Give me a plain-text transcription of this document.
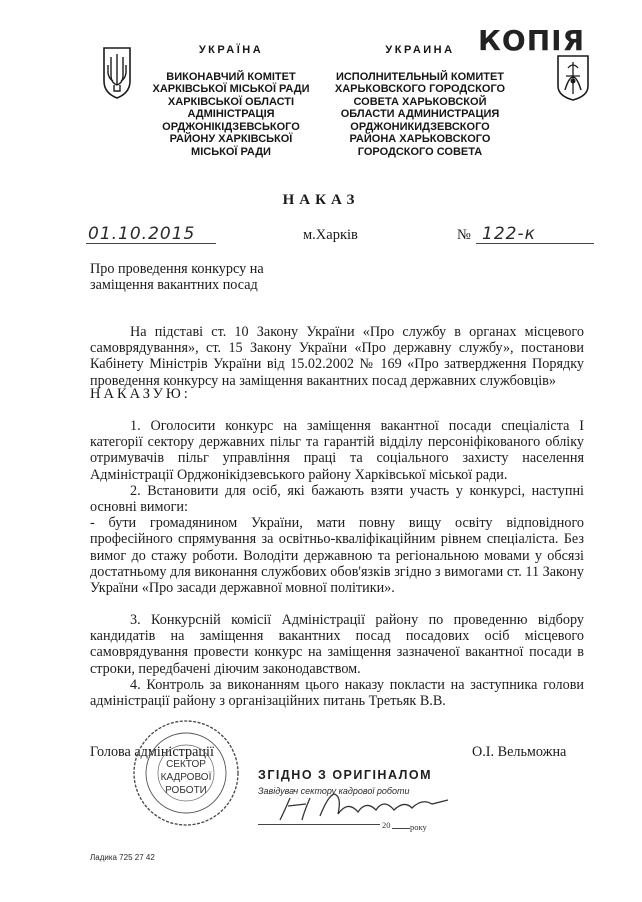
УКРАЇНА
ВИКОНАВЧИЙ КОМІТЕТ
ХАРКІВСЬКОЇ МІСЬКОЇ РАДИ
ХАРКІВСЬКОЇ ОБЛАСТІ
АДМІНІСТРАЦІЯ
ОРДЖОНІКІДЗЕВСЬКОГО
РАЙОНУ ХАРКІВСЬКОЇ
МІСЬКОЇ РАДИ
УКРАИНА
ИСПОЛНИТЕЛЬНЫЙ КОМИТЕТ
ХАРЬКОВСКОГО ГОРОДСКОГО
СОВЕТА ХАРЬКОВСКОЙ
ОБЛАСТИ АДМИНИСТРАЦИЯ
ОРДЖОНИКИДЗЕВСКОГО
РАЙОНА ХАРЬКОВСКОГО
ГОРОДСКОГО СОВЕТА
КОПІЯ
НАКАЗ
01.10.2015	м.Харків	№ 122-к
Про проведення конкурсу на
заміщення вакантних посад

На підставі ст. 10 Закону України «Про службу в органах місцевого самоврядування», ст. 15 Закону України «Про державну службу», постанови Кабінету Міністрів України від 15.02.2002 № 169 «Про затвердження Порядку проведення конкурсу на заміщення вакантних посад державних службовців»

НАКАЗУЮ:

1. Оголосити конкурс на заміщення вакантної посади спеціаліста І категорії сектору державних пільг та гарантій відділу персоніфікованого обліку отримувачів пільг управління праці та соціального захисту населення Адміністрації Орджонікідзевського району Харківської міської ради.

2. Встановити для осіб, які бажають взяти участь у конкурсі, наступні основні вимоги:

- бути громадянином України, мати повну вищу освіту відповідного професійного спрямування за освітньо-кваліфікаційним рівнем спеціаліста. Без вимог до стажу роботи. Володіти державною та регіональною мовами у обсязі достатньому для виконання службових обов'язків згідно з вимогами ст. 11 Закону України «Про засади державної мовної політики».

3. Конкурсній комісії Адміністрації району по проведенню відбору кандидатів на заміщення вакантних посад посадових осіб місцевого самоврядування провести конкурс на заміщення зазначеної вакантної посади в строки, передбачені діючим законодавством.

4. Контроль за виконанням цього наказу покласти на заступника голови адміністрації району з організаційних питань Третьяк В.В.

Голова адміністрації	О.І. Вельможна
СЕКТОР
КАДРОВОЇ
РОБОТИ
ЗГІДНО З ОРИГІНАЛОМ
Завідувач сектору кадрової роботи
20 року
Ладика 725 27 42
